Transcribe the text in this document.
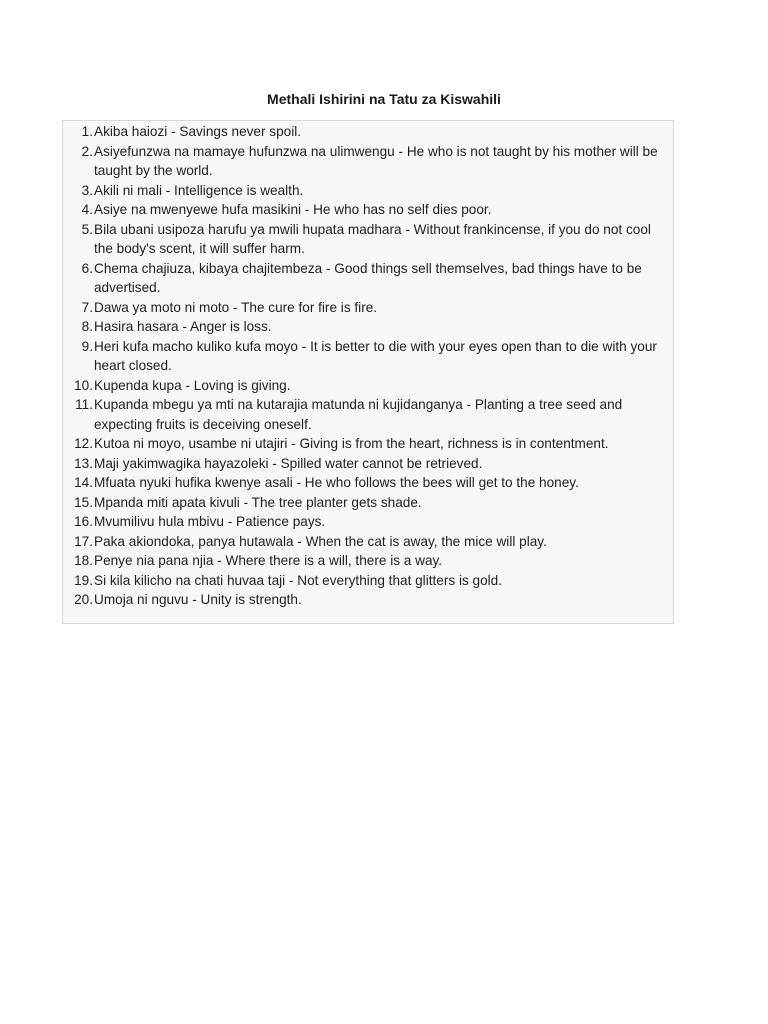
Methali Ishirini na Tatu za Kiswahili
1. Akiba haiozi - Savings never spoil.
2. Asiyefunzwa na mamaye hufunzwa na ulimwengu - He who is not taught by his mother will be taught by the world.
3. Akili ni mali - Intelligence is wealth.
4. Asiye na mwenyewe hufa masikini - He who has no self dies poor.
5. Bila ubani usipoza harufu ya mwili hupata madhara - Without frankincense, if you do not cool the body's scent, it will suffer harm.
6. Chema chajiuza, kibaya chajitembeza - Good things sell themselves, bad things have to be advertised.
7. Dawa ya moto ni moto - The cure for fire is fire.
8. Hasira hasara - Anger is loss.
9. Heri kufa macho kuliko kufa moyo - It is better to die with your eyes open than to die with your heart closed.
10. Kupenda kupa - Loving is giving.
11. Kupanda mbegu ya mti na kutarajia matunda ni kujidanganya - Planting a tree seed and expecting fruits is deceiving oneself.
12. Kutoa ni moyo, usambe ni utajiri - Giving is from the heart, richness is in contentment.
13. Maji yakimwagika hayazoleki - Spilled water cannot be retrieved.
14. Mfuata nyuki hufika kwenye asali - He who follows the bees will get to the honey.
15. Mpanda miti apata kivuli - The tree planter gets shade.
16. Mvumilivu hula mbivu - Patience pays.
17. Paka akiondoka, panya hutawala - When the cat is away, the mice will play.
18. Penye nia pana njia - Where there is a will, there is a way.
19. Si kila kilicho na chati huvaa taji - Not everything that glitters is gold.
20. Umoja ni nguvu - Unity is strength.
